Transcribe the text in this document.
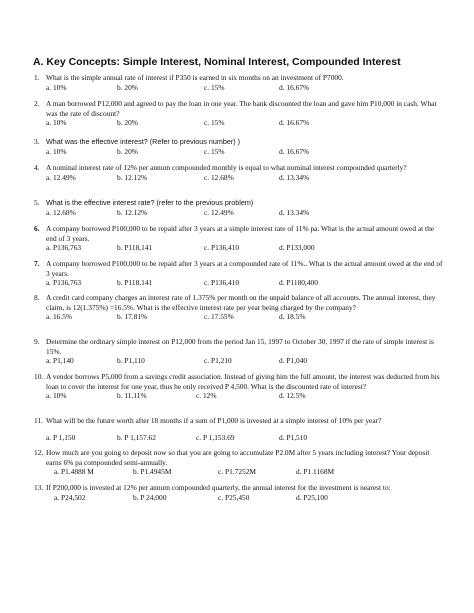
A. Key Concepts: Simple Interest, Nominal Interest, Compounded Interest
1. What is the simple annual rate of interest if P350 is earned in six months on an investment of P7000.
a. 10%	b. 20%	c. 15%	d. 16.67%
2. A man borrowed P12,000 and agreed to pay the loan in one year. The bank discounted the loan and gave him P10,000 in cash. What was the rate of discount?
a. 10%	b. 20%	c. 15%	d. 16.67%
3. What was the effective interest? (Refer to previous number) )
a. 10%	b. 20%	c. 15%	d. 16.67%
4. A nominal interest rate of 12% per annum compounded monthly is equal to what nominal interest compounded quarterly?
a. 12.49%	b. 12.12%	c. 12.68%	d. 13.34%
5. What is the effective interest rate? (refer to the previous problem)
a. 12.68%	b. 12.12%	c. 12.49%	d. 13.34%
6. A company borrowed P100,000 to be repaid after 3 years at a simple interest rate of 11% pa. What is the actual amount owed at the end of 3 years.
a. P136,763	b. P118,141	c. P136,410	d. P133,000
7. A company borrowed P100,000 to be repaid after 3 years at a compounded rate of 11%.. What is the actual amount owed at the end of 3 years.
a. P136,763	b. P118,141	c. P136,410	d. P1180,400
8. A credit card company charges an interest rate of 1.375% per month on the unpaid balance of all accounts. The annual interest, they claim, is 12(1.375%) =16.5%. What is the effective interest rate per year being charged by the company?
a. 16.5%	b. 17.81%	c. 17.55%	d. 18.5%
9. Determine the ordinary simple interest on P12,000 from the period Jan 15, 1997 to October 30, 1997 if the rate of simple interest is 15%.
a. P1,140	b. P1,110	c. P1,210	d. P1,040
10. A vendor borrows P5,000 from a savings credit association. Instead of giving him the full amount, the interest was deducted from his loan to cover the interest for one year, thus he only received P 4,500. What is the discounted rate of interest?
a. 10%	b. 11.11%	c. 12%	d. 12.5%
11. What will be the future worth after 18 months if a sum of P1,000 is invested at a simple interest of 10% per year?
a. P 1,150	b. P 1,157.62	c. P 1,153.69	d. P1,510
12. How much are you going to deposit now so that you are going to accumulate P2.0M after 5 years including interest? Your deposit earns 6% pa compounded semi-annually.
a. P1.4888 M	b. P1.4945M	c. P1.7252M	d. P1.1168M
13. If P200,000 is invested at 12% per annum compounded quarterly, the annual interest for the investment is nearest to:
a. P24,502	b. P 24,000	c. P25,450	d. P25,100
